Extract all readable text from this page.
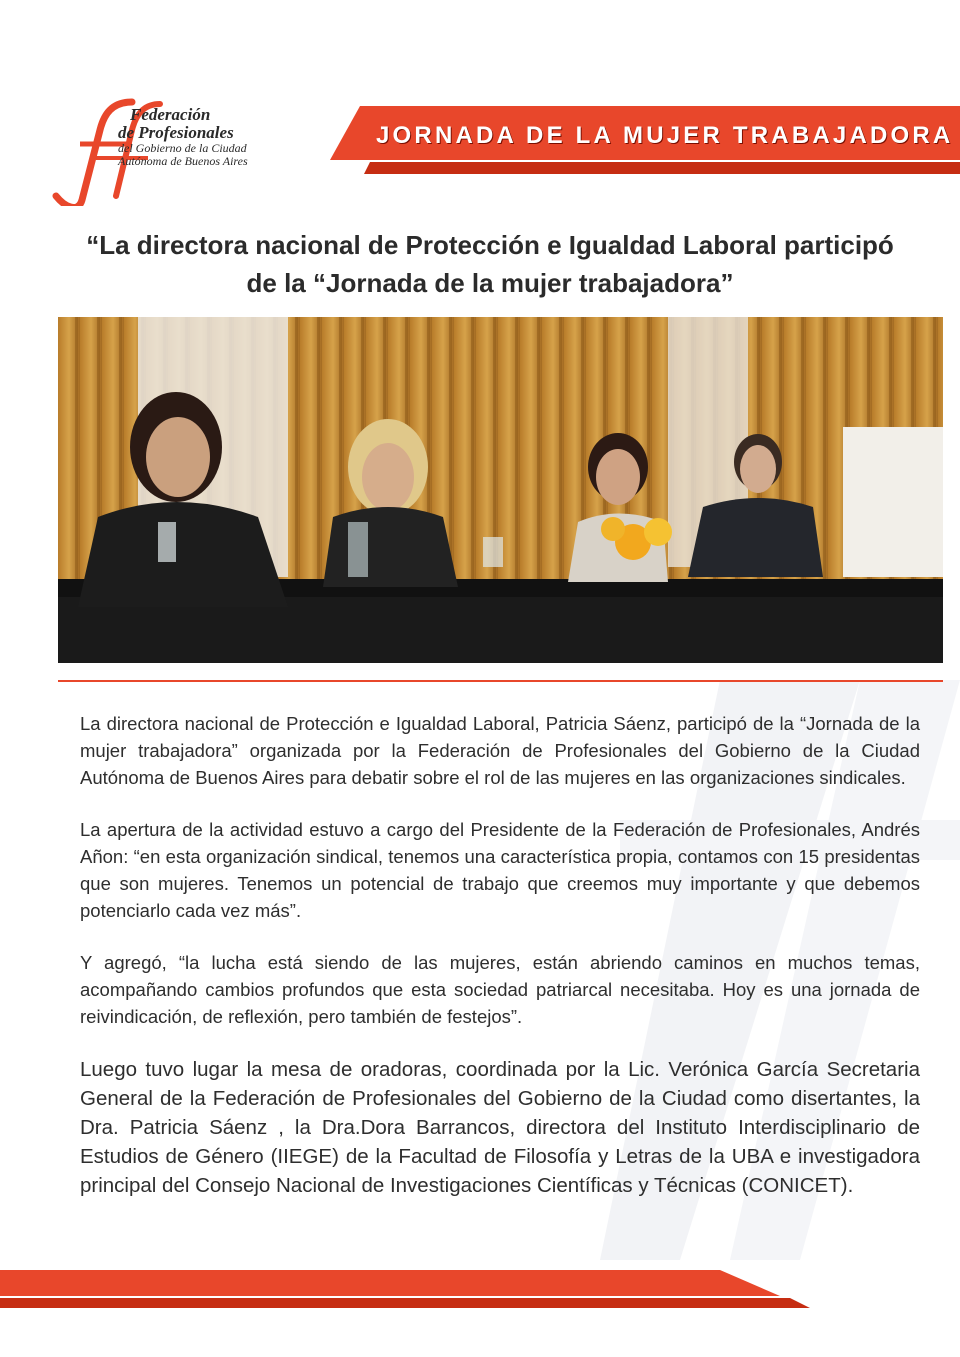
Federación
de Profesionales
del Gobierno de la Ciudad
Autónoma de Buenos Aires
JORNADA DE LA MUJER TRABAJADORA
“La directora nacional de Protección e Igualdad Laboral participó
de la “Jornada de la mujer trabajadora”

La directora nacional de Protección e Igualdad Laboral, Patricia Sáenz, participó de la “Jornada de la mujer trabajadora” organizada por la Federación de Profesionales del Gobierno de la Ciudad Autónoma de Buenos Aires para debatir sobre el rol de las mujeres en las organizaciones sindicales.

La apertura de la actividad estuvo a cargo del Presidente de la Federación de Profesionales, Andrés Añon: “en esta organización sindical, tenemos una característica propia, contamos con 15 presidentas que son mujeres. Tenemos un potencial de trabajo que creemos muy importante y que debemos potenciarlo cada vez más”.

Y agregó, “la lucha está siendo de las mujeres, están abriendo caminos en muchos temas, acompañando cambios profundos que esta sociedad patriarcal necesitaba. Hoy es una jornada de reivindicación, de reflexión, pero también de festejos”.

Luego tuvo lugar la mesa de oradoras, coordinada por la Lic. Verónica García Secretaria General de la Federación de Profesionales del Gobierno de la Ciudad como disertantes, la Dra. Patricia Sáenz , la Dra.Dora Barrancos, directora del Instituto Interdisciplinario de Estudios de Género (IIEGE) de la Facultad de Filosofía y Letras de la UBA e investigadora principal del Consejo Nacional de Investigaciones Científicas y Técnicas (CONICET).
